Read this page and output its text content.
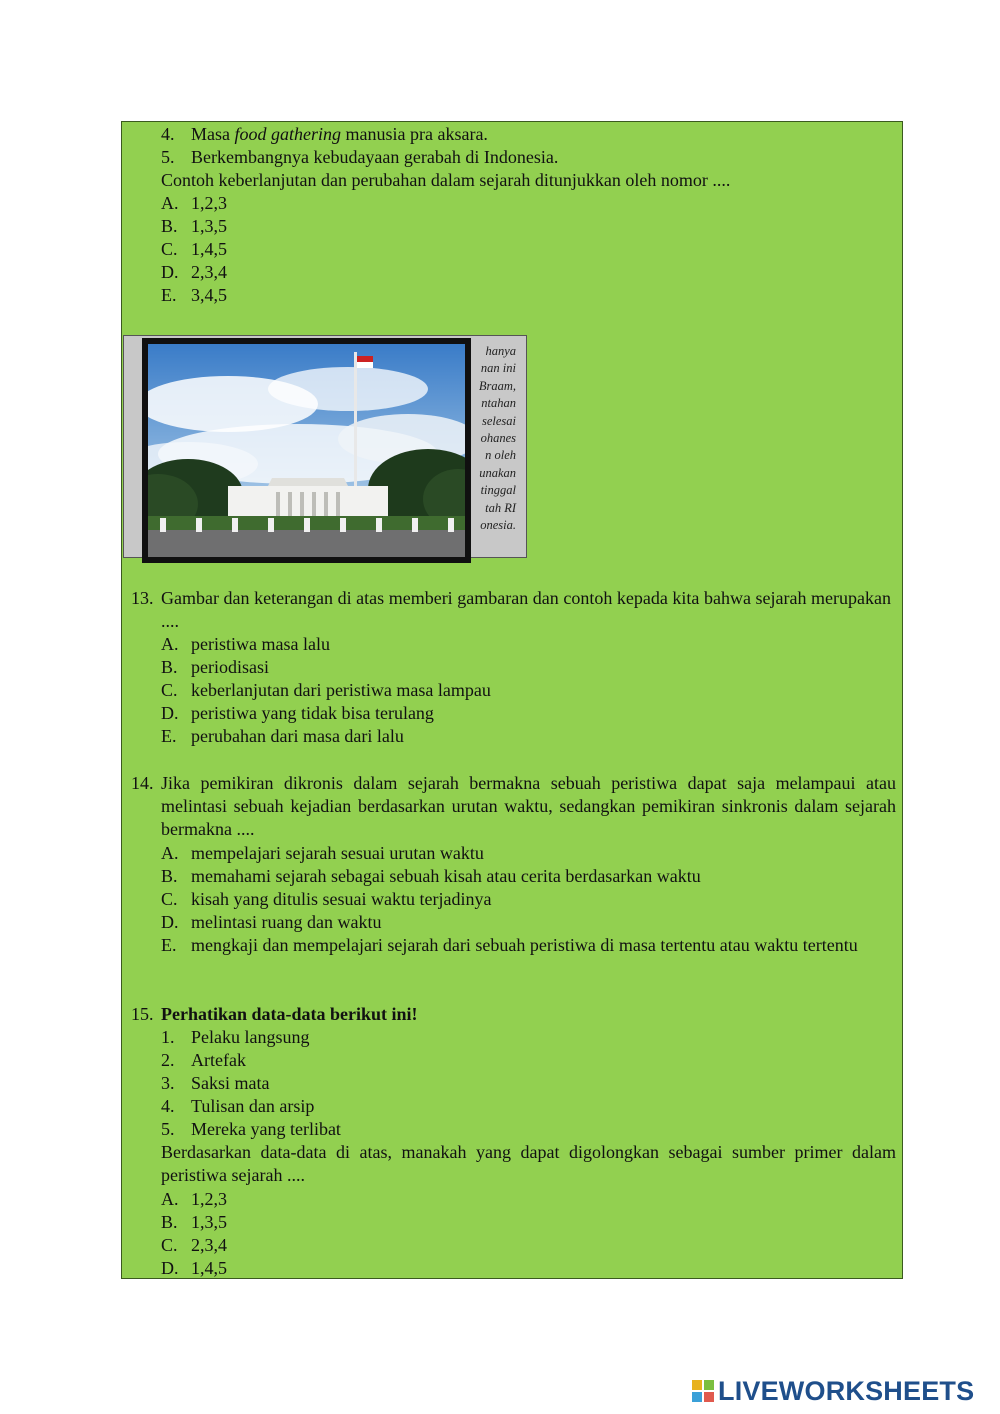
4. Masa food gathering manusia pra aksara.
5. Berkembangnya kebudayaan gerabah di Indonesia.
Contoh keberlanjutan dan perubahan dalam sejarah ditunjukkan oleh nomor ....
A. 1,2,3
B. 1,3,5
C. 1,4,5
D. 2,3,4
E. 3,4,5
hanya
nan ini
Braam,
ntahan
selesai
ohanes
n oleh
unakan
tinggal
tah RI
onesia.
13. Gambar dan keterangan di atas memberi gambaran dan contoh kepada kita bahwa sejarah merupakan ....
A. peristiwa masa lalu
B. periodisasi
C. keberlanjutan dari peristiwa masa lampau
D. peristiwa yang tidak bisa terulang
E. perubahan dari masa dari lalu
14. Jika pemikiran dikronis dalam sejarah bermakna sebuah peristiwa dapat saja melampaui atau melintasi sebuah kejadian berdasarkan urutan waktu, sedangkan pemikiran sinkronis dalam sejarah bermakna ....
A. mempelajari sejarah sesuai urutan waktu
B. memahami sejarah sebagai sebuah kisah atau cerita berdasarkan waktu
C. kisah yang ditulis sesuai waktu terjadinya
D. melintasi ruang dan waktu
E. mengkaji dan mempelajari sejarah dari sebuah peristiwa di masa tertentu atau waktu tertentu
15. Perhatikan data-data berikut ini!
1. Pelaku langsung
2. Artefak
3. Saksi mata
4. Tulisan dan arsip
5. Mereka yang terlibat
Berdasarkan data-data di atas, manakah yang dapat digolongkan sebagai sumber primer dalam peristiwa sejarah ....
A. 1,2,3
B. 1,3,5
C. 2,3,4
D. 1,4,5
LIVEWORKSHEETS
